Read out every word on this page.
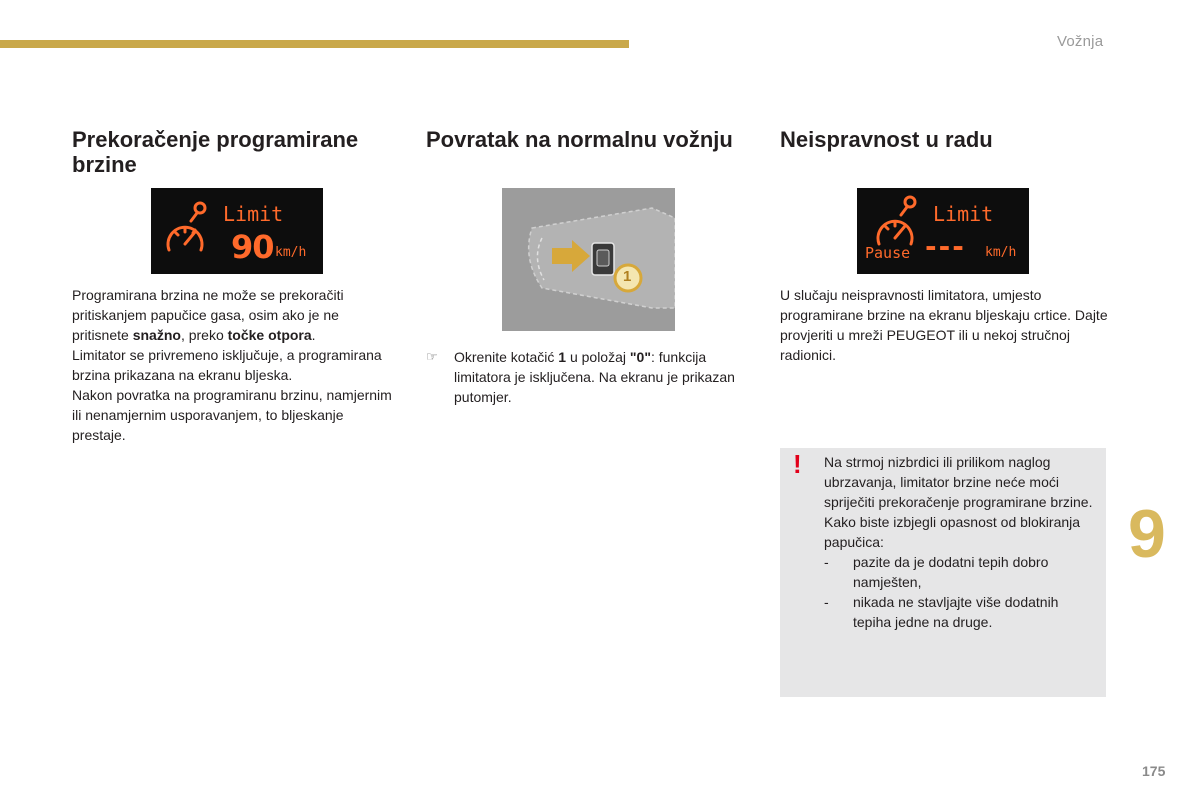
Vožnja
Prekoračenje programirane brzine
Limit
90 km/h

Programirana brzina ne može se prekoračiti pritiskanjem papučice gasa, osim ako je ne pritisnete snažno, preko točke otpora.

Limitator se privremeno isključuje, a programirana brzina prikazana na ekranu bljeska.

Nakon povratka na programiranu brzinu, namjernim ili nenamjernim usporavanjem, to bljeskanje prestaje.

Povratak na normalnu vožnju
1
☞ Okrenite kotačić 1 u položaj "0": funkcija limitatora je isključena. Na ekranu je prikazan putomjer.

Neispravnost u radu
Limit
Pause --- km/h
U slučaju neispravnosti limitatora, umjesto programirane brzine na ekranu bljeskaju crtice. Dajte provjeriti u mreži PEUGEOT ili u nekoj stručnoj radionici.
! Na strmoj nizbrdici ili prilikom naglog ubrzavanja, limitator brzine neće moći spriječiti prekoračenje programirane brzine.

Kako biste izbjegli opasnost od blokiranja papučica:

- pazite da je dodatni tepih dobro namješten,
- nikada ne stavljajte više dodatnih tepiha jedne na druge.
9
175
